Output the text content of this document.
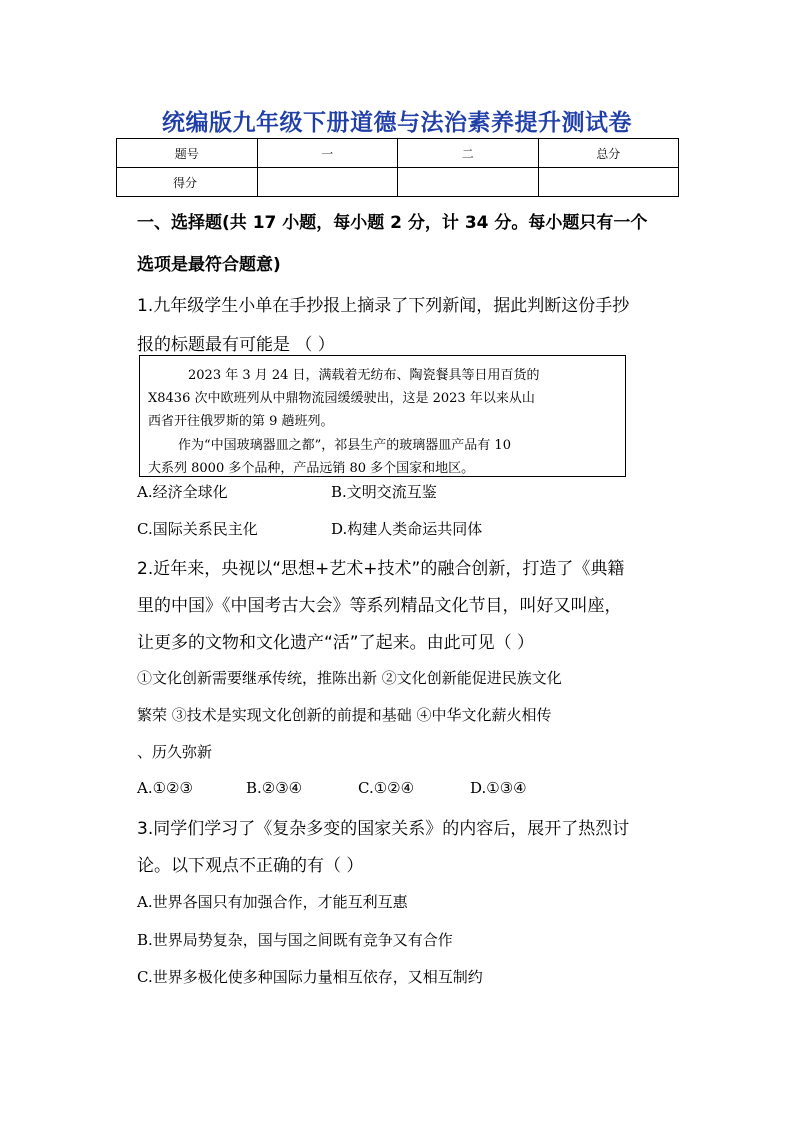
统编版九年级下册道德与法治素养提升测试卷
题号	一	二	总分
得分			
一、选择题(共 17 小题，每小题 2 分，计 34 分。每小题只有一个
选项是最符合题意)
1.九年级学生小单在手抄报上摘录了下列新闻，据此判断这份手抄
报的标题最有可能是 （ ）
2023 年 3 月 24 日，满载着无纺布、陶瓷餐具等日用百货的
X8436 次中欧班列从中鼎物流园缓缓驶出，这是 2023 年以来从山
西省开往俄罗斯的第 9 趟班列。
作为“中国玻璃器皿之都”，祁县生产的玻璃器皿产品有 10
大系列 8000 多个品种，产品远销 80 多个国家和地区。
A.经济全球化	B.文明交流互鉴
C.国际关系民主化	D.构建人类命运共同体
2.近年来，央视以“思想+艺术+技术”的融合创新，打造了《典籍
里的中国》《中国考古大会》等系列精品文化节目，叫好又叫座，
让更多的文物和文化遗产“活”了起来。由此可见（ ）
①文化创新需要继承传统，推陈出新 ②文化创新能促进民族文化
繁荣 ③技术是实现文化创新的前提和基础 ④中华文化薪火相传
、历久弥新
A.①②③	B.②③④	C.①②④	D.①③④
3.同学们学习了《复杂多变的国家关系》的内容后，展开了热烈讨
论。以下观点不正确的有（ ）
A.世界各国只有加强合作，才能互利互惠
B.世界局势复杂，国与国之间既有竞争又有合作
C.世界多极化使多种国际力量相互依存，又相互制约
